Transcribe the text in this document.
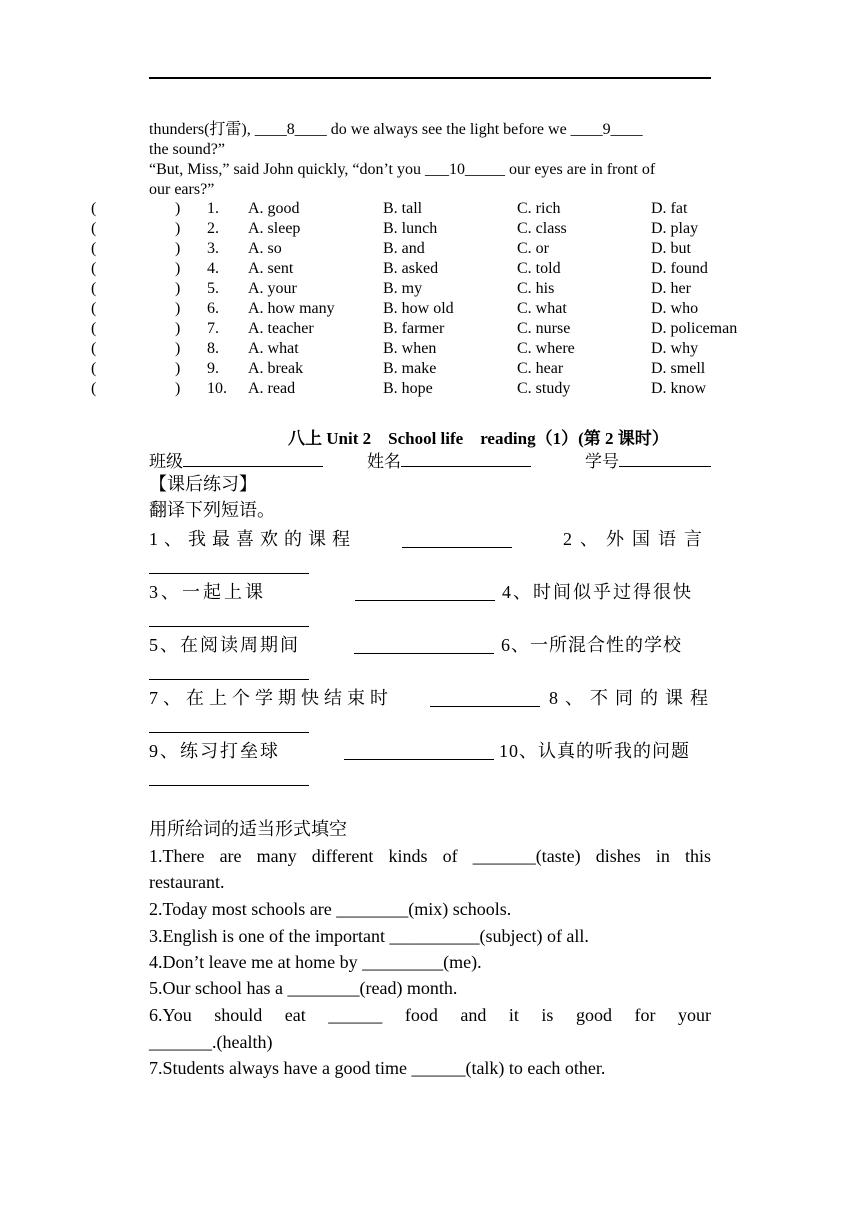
thunders(打雷), ____8____ do we always see the light before we ____9____
the sound?”
“But, Miss,” said John quickly, “don’t you ___10_____ our eyes are in front of
our ears?”
(	) 1. A. good	B. tall	C. rich	D. fat
(	) 2. A. sleep	B. lunch	C. class	D. play
(	) 3. A. so	B. and	C. or	D. but
(	) 4. A. sent	B. asked	C. told	D. found
(	) 5. A. your	B. my	C. his	D. her
(	) 6. A. how many	B. how old	C. what	D. who
(	) 7. A. teacher	B. farmer	C. nurse	D. policeman
(	) 8. A. what	B. when	C. where	D. why
(	) 9. A. break	B. make	C. hear	D. smell
(	) 10. A. read	B. hope	C. study	D. know
八上 Unit 2　School life　reading（1）(第 2 课时）
班级	姓名	学号
【课后练习】
翻译下列短语。
1、我最喜欢的课程	2、外国语言
3、一起上课	4、时间似乎过得很快
5、在阅读周期间	6、一所混合性的学校
7、在上个学期快结束时	8、不同的课程
9、练习打垒球	10、认真的听我的问题
用所给词的适当形式填空
1.There are many different kinds of _______(taste) dishes in this
restaurant.
2.Today most schools are ________(mix) schools.
3.English is one of the important __________(subject) of all.
4.Don’t leave me at home by _________(me).
5.Our school has a ________(read) month.
6.You should eat ______ food and it is good for your
_______.(health)
7.Students always have a good time ______(talk) to each other.
